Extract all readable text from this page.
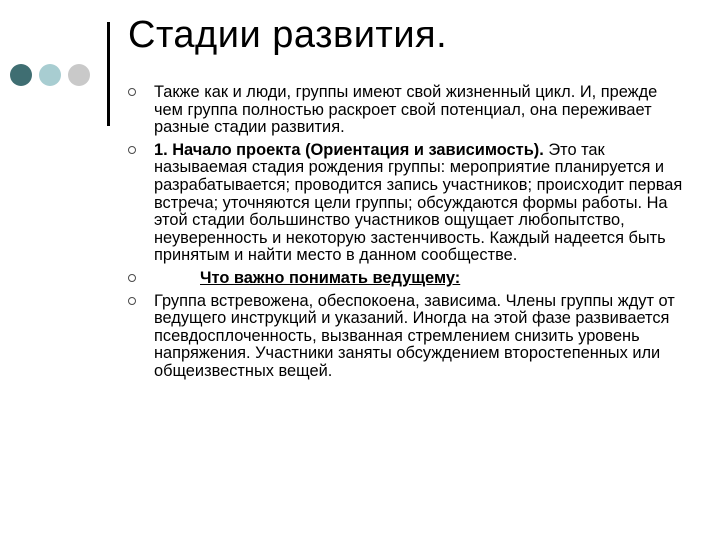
Стадии развития.
Также как и люди, группы имеют свой жизненный цикл. И, прежде чем группа полностью раскроет свой потенциал, она переживает разные стадии развития.
1. Начало проекта (Ориентация и зависимость). Это так называемая стадия рождения группы: мероприятие планируется и разрабатывается; проводится запись участников; происходит первая встреча; уточняются цели группы; обсуждаются формы работы. На этой стадии большинство участников ощущает любопытство, неуверенность и некоторую застенчивость. Каждый надеется быть принятым и найти место в данном сообществе.
Что важно понимать ведущему:
Группа встревожена, обеспокоена, зависима. Члены группы ждут от ведущего инструкций и указаний. Иногда на этой фазе развивается псевдосплоченность, вызванная стремлением снизить уровень напряжения. Участники заняты обсуждением второстепенных или общеизвестных вещей.
